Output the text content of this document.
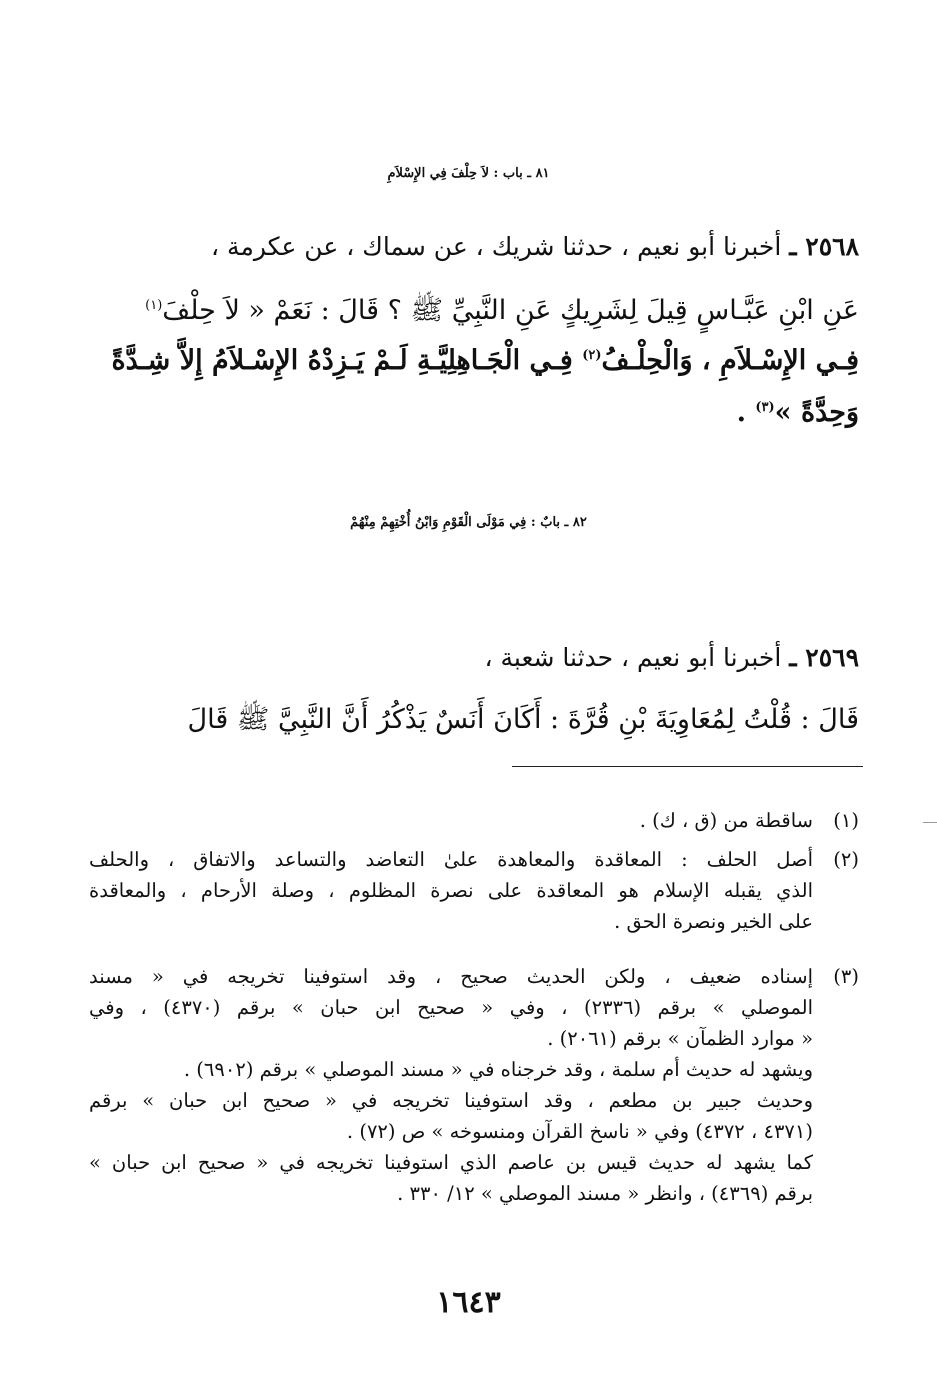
٨١ ـ باب : لاَ حِلْفَ فِي الإِسْلاَمِ
٢٥٦٨ ـ أخبرنا أبو نعيم ، حدثنا شريك ، عن سماك ، عن عكرمة ،
عَنِ ابْنِ عَبَّـاسٍ قِيلَ لِشَرِيكٍ عَنِ النَّبِيِّ ﷺ ؟ قَالَ : نَعَمْ « لاَ حِلْفَ$^{(١)}$
فِـي الإِسْـلاَمِ ، وَالْحِلْـفُ$^{(٢)}$ فِـي الْجَـاهِلِيَّـةِ لَـمْ يَـزِدْهُ الإِسْـلاَمُ إِلاَّ شِـدَّةً
وَحِدَّةً »$^{(٣)}$ .
٨٢ ـ بابٌ : فِي مَوْلَى الْقَوْمِ وَابْنُ أُخْتِهِمْ مِنْهُمْ
٢٥٦٩ ـ أخبرنا أبو نعيم ، حدثنا شعبة ،
قَالَ : قُلْتُ لِمُعَاوِيَةَ بْنِ قُرَّةَ : أَكَانَ أَنَسٌ يَذْكُرُ أَنَّ النَّبِيَّ ﷺ قَالَ
(١)
ساقطة من (ق ، ك) .
(٢)
أصل الحلف : المعاقدة والمعاهدة علىٰ التعاضد والتساعد والاتفاق ، والحلف
الذي يقبله الإسلام هو المعاقدة على نصرة المظلوم ، وصلة الأرحام ، والمعاقدة
على الخير ونصرة الحق .
(٣)
إسناده ضعيف ، ولكن الحديث صحيح ، وقد استوفينا تخريجه في « مسند
الموصلي » برقم (٢٣٣٦) ، وفي « صحيح ابن حبان » برقم (٤٣٧٠) ، وفي
« موارد الظمآن » برقم (٢٠٦١) .
ويشهد له حديث أم سلمة ، وقد خرجناه في « مسند الموصلي » برقم (٦٩٠٢) .
وحديث جبير بن مطعم ، وقد استوفينا تخريجه في « صحيح ابن حبان » برقم
(٤٣٧١ ، ٤٣٧٢) وفي « ناسخ القرآن ومنسوخه » ص (٧٢) .
كما يشهد له حديث قيس بن عاصم الذي استوفينا تخريجه في « صحيح ابن حبان »
برقم (٤٣٦٩) ، وانظر « مسند الموصلي » ١٢/ ٣٣٠ .
١٦٤٣
